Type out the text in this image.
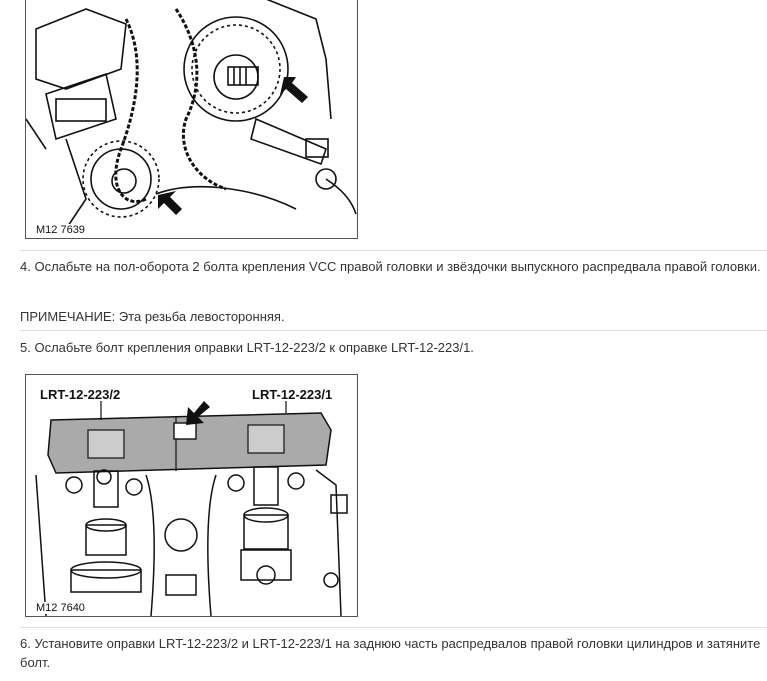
M12 7639
4. Ослабьте на пол-оборота 2 болта крепления VCC правой головки и звёздочки выпускного распредвала правой головки.
ПРИМЕЧАНИЕ: Эта резьба левосторонняя.
5. Ослабьте болт крепления оправки LRT-12-223/2 к оправке LRT-12-223/1.
LRT-12-223/2	LRT-12-223/1
M12 7640
6. Установите оправки LRT-12-223/2 и LRT-12-223/1 на заднюю часть распредвалов правой головки цилиндров и затяните болт.
